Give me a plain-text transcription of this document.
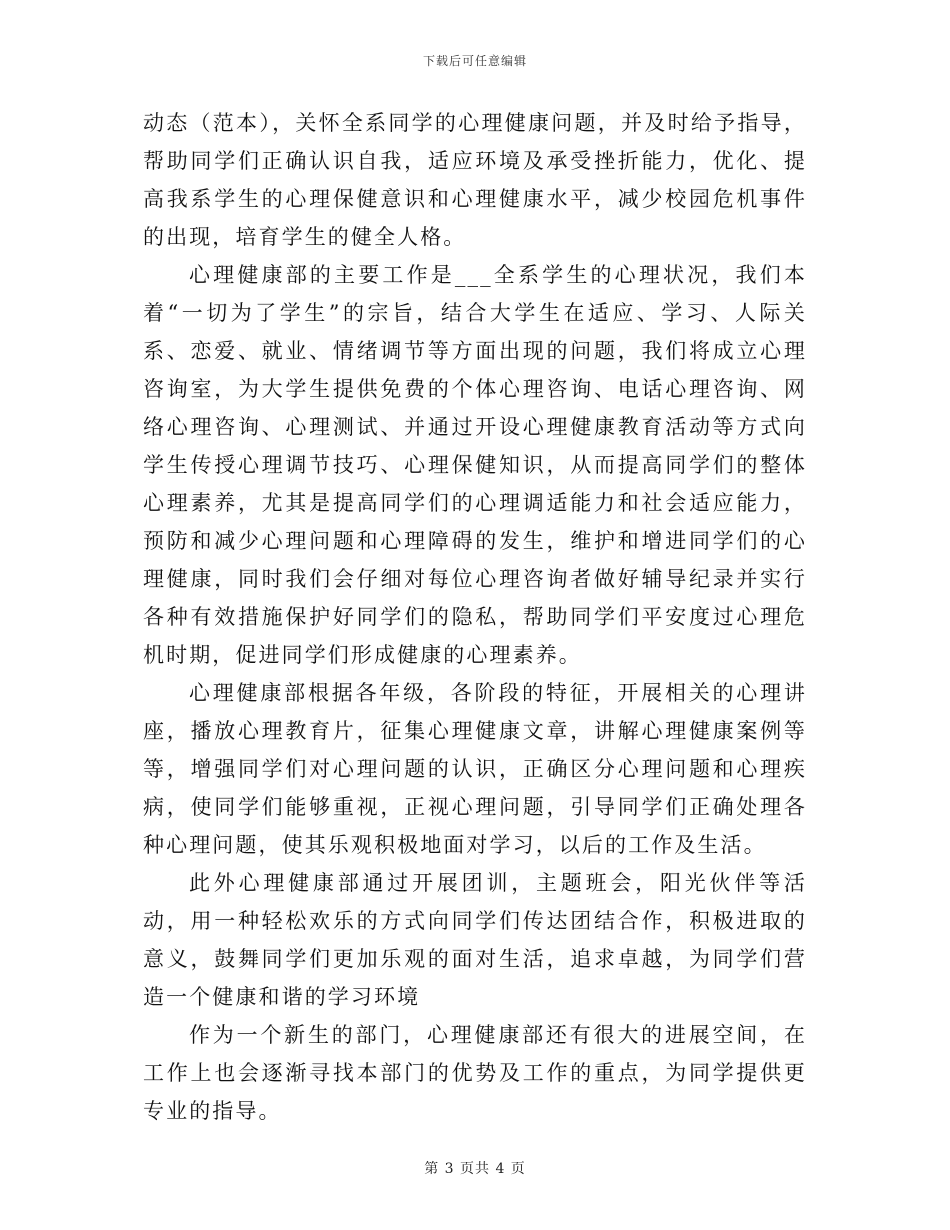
下载后可任意编辑

动态（范本），关怀全系同学的心理健康问题，并及时给予指导，帮助同学们正确认识自我，适应环境及承受挫折能力，优化、提高我系学生的心理保健意识和心理健康水平，减少校园危机事件的出现，培育学生的健全人格。

心理健康部的主要工作是___全系学生的心理状况，我们本着“一切为了学生”的宗旨，结合大学生在适应、学习、人际关系、恋爱、就业、情绪调节等方面出现的问题，我们将成立心理咨询室，为大学生提供免费的个体心理咨询、电话心理咨询、网络心理咨询、心理测试、并通过开设心理健康教育活动等方式向学生传授心理调节技巧、心理保健知识，从而提高同学们的整体心理素养，尤其是提高同学们的心理调适能力和社会适应能力，预防和减少心理问题和心理障碍的发生，维护和增进同学们的心理健康，同时我们会仔细对每位心理咨询者做好辅导纪录并实行各种有效措施保护好同学们的隐私，帮助同学们平安度过心理危机时期，促进同学们形成健康的心理素养。

心理健康部根据各年级，各阶段的特征，开展相关的心理讲座，播放心理教育片，征集心理健康文章，讲解心理健康案例等等，增强同学们对心理问题的认识，正确区分心理问题和心理疾病，使同学们能够重视，正视心理问题，引导同学们正确处理各种心理问题，使其乐观积极地面对学习，以后的工作及生活。

此外心理健康部通过开展团训，主题班会，阳光伙伴等活动，用一种轻松欢乐的方式向同学们传达团结合作，积极进取的意义，鼓舞同学们更加乐观的面对生活，追求卓越，为同学们营造一个健康和谐的学习环境

作为一个新生的部门，心理健康部还有很大的进展空间，在工作上也会逐渐寻找本部门的优势及工作的重点，为同学提供更专业的指导。

第 3 页共 4 页
